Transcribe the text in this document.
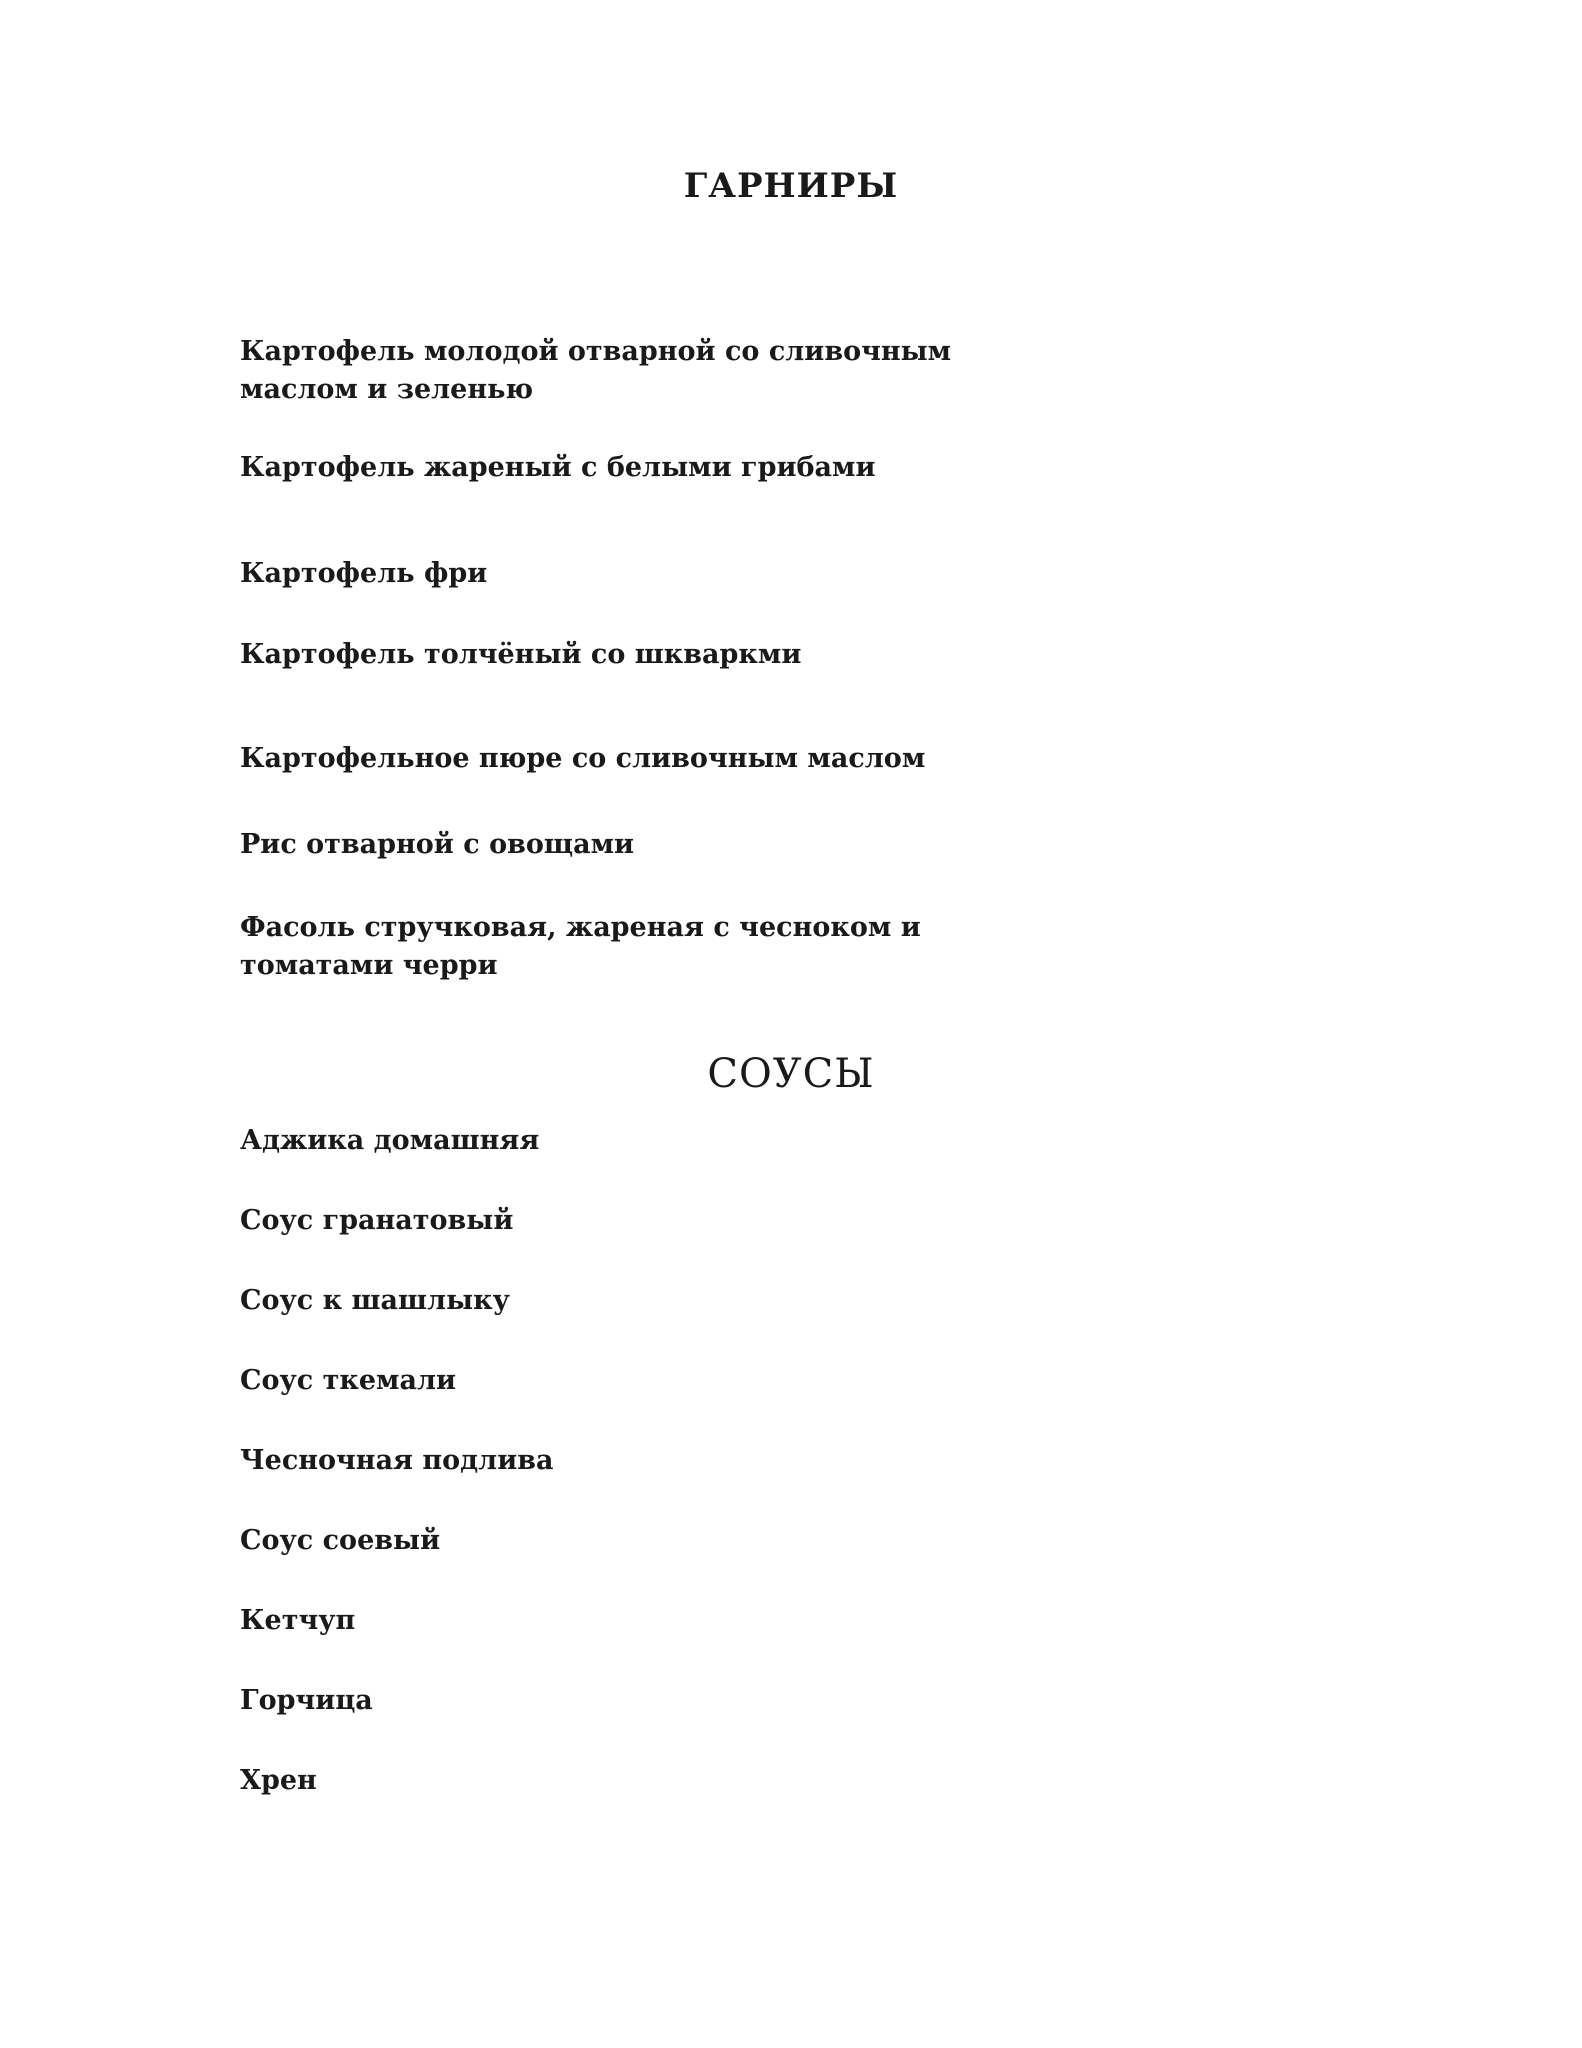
ГАРНИРЫ

Картофель молодой отварной со сливочным
маслом и зеленью

Картофель жареный с белыми грибами

Картофель фри

Картофель толчёный со шкваркми

Картофельное пюре со сливочным маслом

Рис отварной с овощами

Фасоль стручковая, жареная с чесноком и
томатами черри

СОУСЫ

Аджика домашняя

Соус гранатовый

Соус к шашлыку

Соус ткемали

Чесночная подлива

Соус соевый

Кетчуп

Горчица

Хрен
